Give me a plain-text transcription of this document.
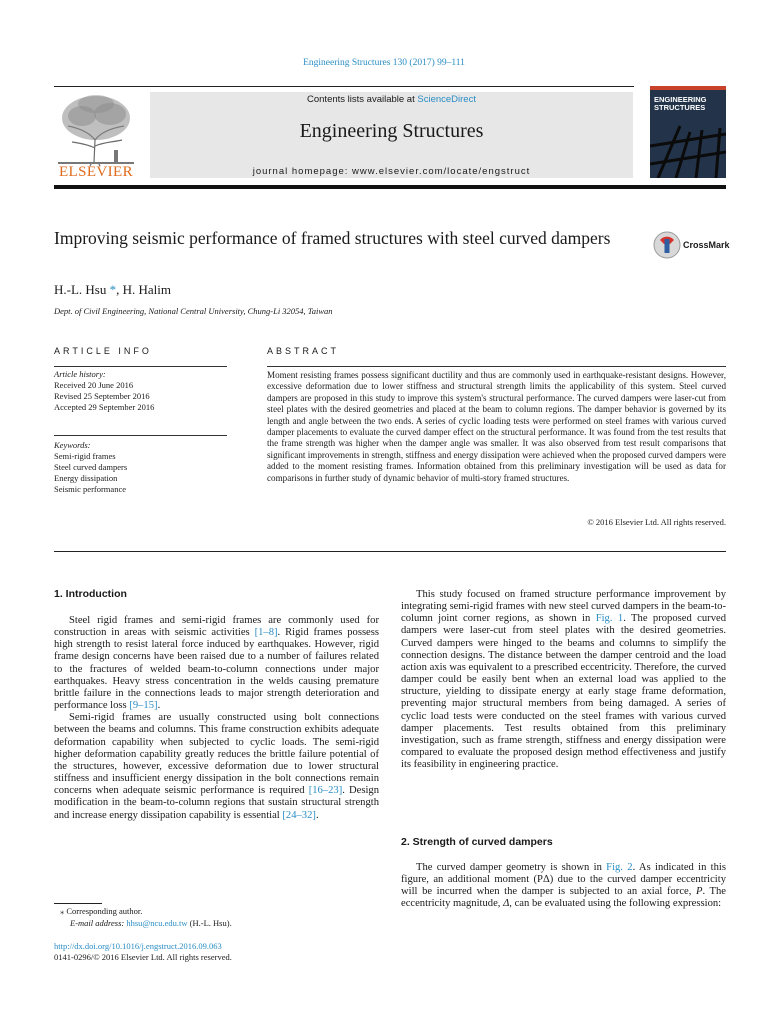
Engineering Structures 130 (2017) 99–111
ELSEVIER
Contents lists available at ScienceDirect
Engineering Structures
journal homepage: www.elsevier.com/locate/engstruct
ENGINEERING
STRUCTURES
Improving seismic performance of framed structures with steel curved dampers	CrossMark
H.-L. Hsu *, H. Halim
Dept. of Civil Engineering, National Central University, Chung-Li 32054, Taiwan
ARTICLE INFO
Article history:
Received 20 June 2016
Revised 25 September 2016
Accepted 29 September 2016
Keywords:
Semi-rigid frames
Steel curved dampers
Energy dissipation
Seismic performance
ABSTRACT
Moment resisting frames possess significant ductility and thus are commonly used in earthquake-resistant designs. However, excessive deformation due to lower stiffness and structural strength limits the applicability of this system. Steel curved dampers are proposed in this study to improve this system's structural performance. The curved dampers were laser-cut from steel plates with the desired geometries and placed at the beam to column regions. The damper behavior is governed by its length and angle between the two ends. A series of cyclic loading tests were performed on steel frames with various curved damper placements to evaluate the curved damper effect on the structural performance. It was found from the test results that the frame strength was higher when the damper angle was smaller. It was also observed from test result comparisons that significant improvements in strength, stiffness and energy dissipation were achieved when the proposed curved dampers were added to the moment resisting frames. Information obtained from this preliminary investigation will be used as data for comparisons in further study of dynamic behavior of multi-story framed structures.
© 2016 Elsevier Ltd. All rights reserved.
1. Introduction

Steel rigid frames and semi-rigid frames are commonly used for construction in areas with seismic activities [1–8]. Rigid frames possess high strength to resist lateral force induced by earthquakes. However, rigid frame design concerns have been raised due to a number of failures related to the fractures of welded beam-to-column connections under major earthquakes. Heavy stress concentration in the welds causing premature brittle failure in the connections leads to major strength deterioration and performance loss [9–15].

Semi-rigid frames are usually constructed using bolt connections between the beams and columns. This frame construction exhibits adequate deformation capability when subjected to cyclic loads. The semi-rigid higher deformation capability greatly reduces the brittle failure potential of the structures, however, excessive deformation due to lower structural stiffness and insufficient energy dissipation in the bolt connections remain concerns when adequate seismic performance is required [16–23]. Design modification in the beam-to-column regions that sustain structural strength and increase energy dissipation capability is essential [24–32].

⁎ Corresponding author.
E-mail address: hhsu@ncu.edu.tw (H.-L. Hsu).
http://dx.doi.org/10.1016/j.engstruct.2016.09.063
0141-0296/© 2016 Elsevier Ltd. All rights reserved.

This study focused on framed structure performance improvement by integrating semi-rigid frames with new steel curved dampers in the beam-to-column joint corner regions, as shown in Fig. 1. The proposed curved dampers were laser-cut from steel plates with the desired geometries. Curved dampers were hinged to the beams and columns to simplify the connection designs. The distance between the damper centroid and the load action axis was equivalent to a prescribed eccentricity. Therefore, the curved damper could be easily bent when an external load was applied to the structure, yielding to dissipate energy at early stage frame deformation, preventing major structural members from being damaged. A series of cyclic load tests were conducted on the steel frames with various curved damper placements. Test results obtained from this preliminary investigation, such as frame strength, stiffness and energy dissipation were compared to evaluate the proposed design method effectiveness and justify its feasibility in engineering practice.

2. Strength of curved dampers

The curved damper geometry is shown in Fig. 2. As indicated in this figure, an additional moment (PΔ) due to the curved damper eccentricity will be incurred when the damper is subjected to an axial force, P. The eccentricity magnitude, Δ, can be evaluated using the following expression:
